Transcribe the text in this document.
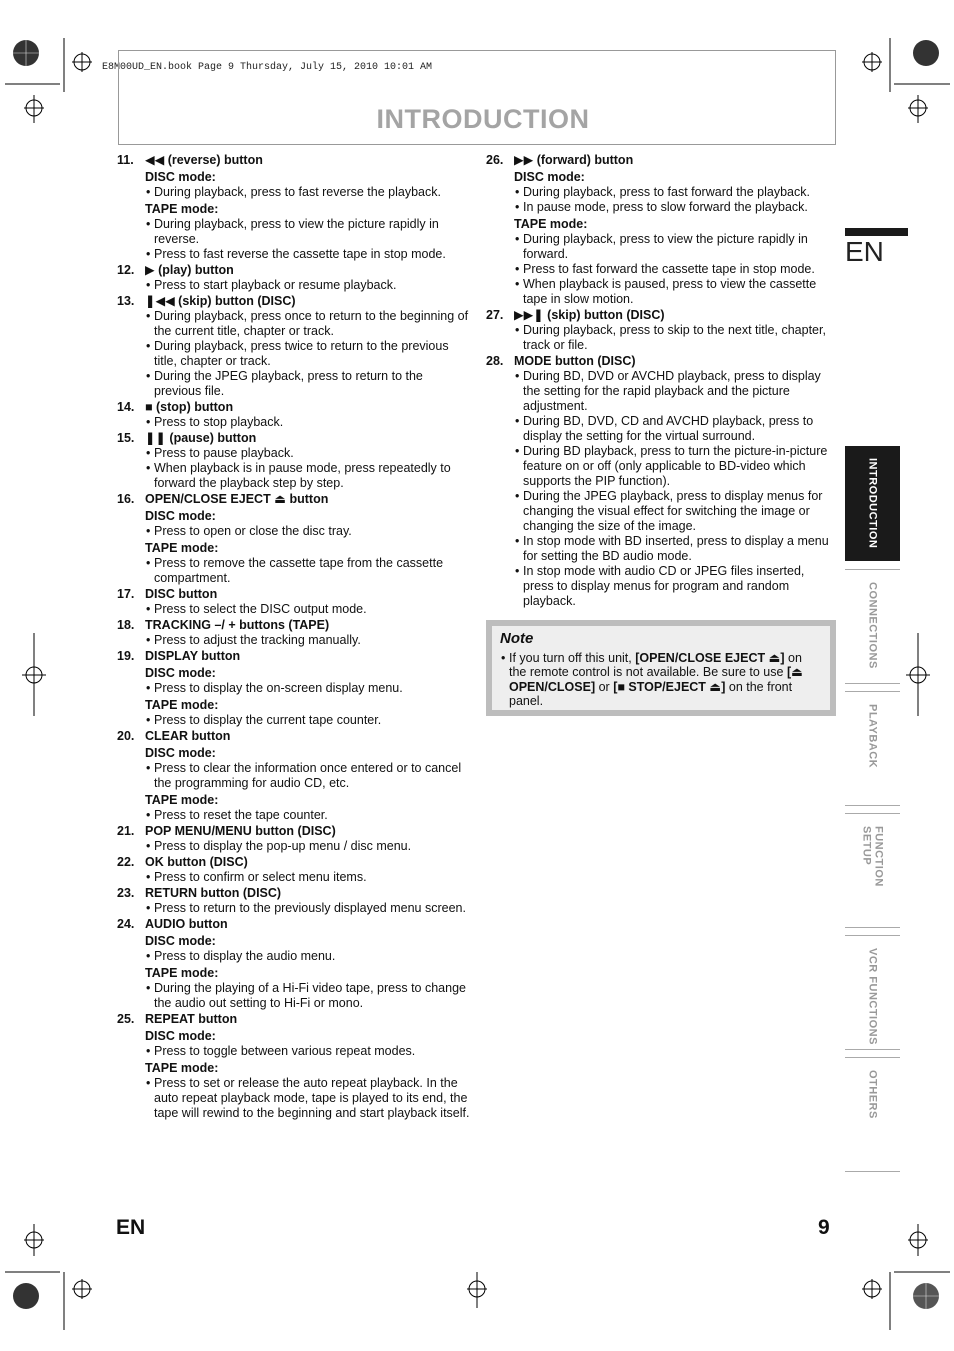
E8M00UD_EN.book Page 9 Thursday, July 15, 2010 10:01 AM
INTRODUCTION
11. ◀◀ (reverse) button
DISC mode:
• During playback, press to fast reverse the playback.
TAPE mode:
• During playback, press to view the picture rapidly in reverse.
• Press to fast reverse the cassette tape in stop mode.
12. ▶ (play) button
• Press to start playback or resume playback.
13. ❚◀◀ (skip) button (DISC)
• During playback, press once to return to the beginning of the current title, chapter or track.
• During playback, press twice to return to the previous title, chapter or track.
• During the JPEG playback, press to return to the previous file.
14. ■ (stop) button
• Press to stop playback.
15. ❚❚ (pause) button
• Press to pause playback.
• When playback is in pause mode, press repeatedly to forward the playback step by step.
16. OPEN/CLOSE EJECT ⏏ button
DISC mode:
• Press to open or close the disc tray.
TAPE mode:
• Press to remove the cassette tape from the cassette compartment.
17. DISC button
• Press to select the DISC output mode.
18. TRACKING –/ + buttons (TAPE)
• Press to adjust the tracking manually.
19. DISPLAY button
DISC mode:
• Press to display the on-screen display menu.
TAPE mode:
• Press to display the current tape counter.
20. CLEAR button
DISC mode:
• Press to clear the information once entered or to cancel the programming for audio CD, etc.
TAPE mode:
• Press to reset the tape counter.
21. POP MENU/MENU button (DISC)
• Press to display the pop-up menu / disc menu.
22. OK button (DISC)
• Press to confirm or select menu items.
23. RETURN button (DISC)
• Press to return to the previously displayed menu screen.
24. AUDIO button
DISC mode:
• Press to display the audio menu.
TAPE mode:
• During the playing of a Hi-Fi video tape, press to change the audio out setting to Hi-Fi or mono.
25. REPEAT button
DISC mode:
• Press to toggle between various repeat modes.
TAPE mode:
• Press to set or release the auto repeat playback. In the auto repeat playback mode, tape is played to its end, the tape will rewind to the beginning and start playback itself.
26. ▶▶ (forward) button
DISC mode:
• During playback, press to fast forward the playback.
• In pause mode, press to slow forward the playback.
TAPE mode:
• During playback, press to view the picture rapidly in forward.
• Press to fast forward the cassette tape in stop mode.
• When playback is paused, press to view the cassette tape in slow motion.
27. ▶▶❚ (skip) button (DISC)
• During playback, press to skip to the next title, chapter, track or file.
28. MODE button (DISC)
• During BD, DVD or AVCHD playback, press to display the setting for the rapid playback and the picture adjustment.
• During BD, DVD, CD and AVCHD playback, press to display the setting for the virtual surround.
• During BD playback, press to turn the picture-in-picture feature on or off (only applicable to BD-video which supports the PIP function).
• During the JPEG playback, press to display menus for changing the visual effect for switching the image or changing the size of the image.
• In stop mode with BD inserted, press to display a menu for setting the BD audio mode.
• In stop mode with audio CD or JPEG files inserted, press to display menus for program and random playback.
Note
• If you turn off this unit, [OPEN/CLOSE EJECT ⏏] on the remote control is not available. Be sure to use [⏏ OPEN/CLOSE] or [■ STOP/EJECT ⏏] on the front panel.
EN
INTRODUCTION
CONNECTIONS
PLAYBACK
FUNCTION SETUP
VCR FUNCTIONS
OTHERS
EN	9
